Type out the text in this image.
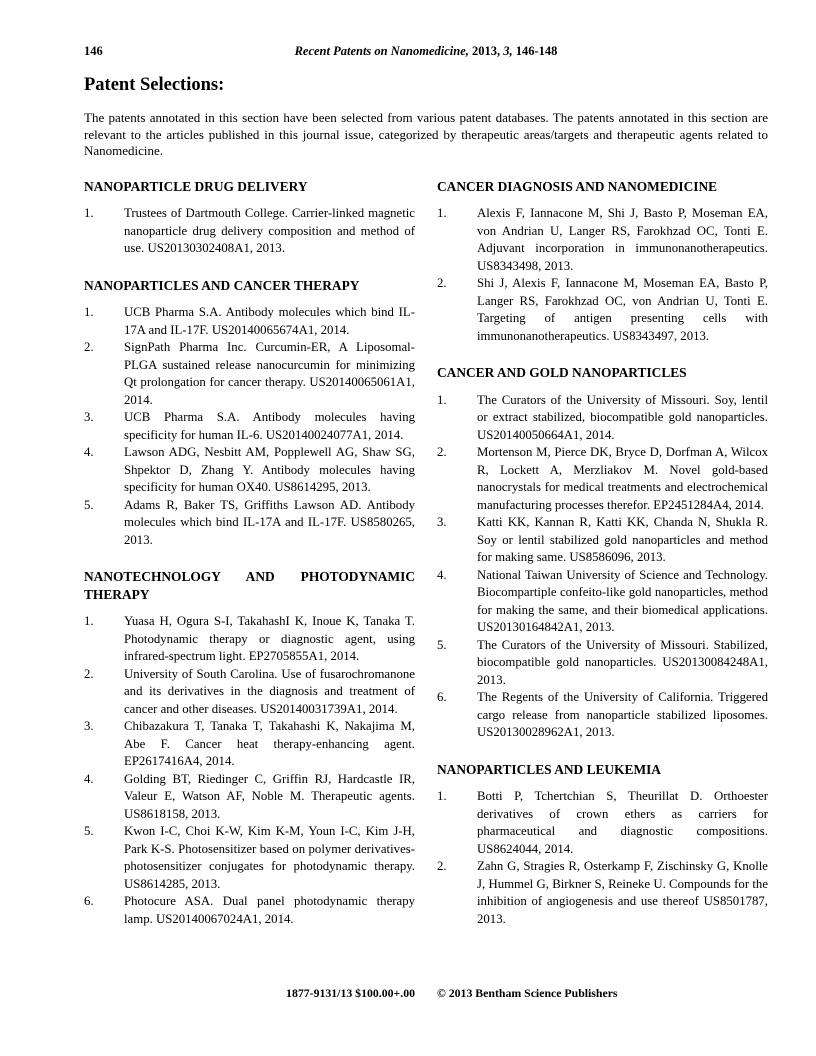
146	Recent Patents on Nanomedicine, 2013, 3, 146-148
Patent Selections:

The patents annotated in this section have been selected from various patent databases. The patents annotated in this section are relevant to the articles published in this journal issue, categorized by therapeutic areas/targets and therapeutic agents related to Nanomedicine.

NANOPARTICLE DRUG DELIVERY
1.	Trustees of Dartmouth College. Carrier-linked magnetic nanoparticle drug delivery composition and method of use. US20130302408A1, 2013.
NANOPARTICLES AND CANCER THERAPY
1.	UCB Pharma S.A. Antibody molecules which bind IL-17A and IL-17F. US20140065674A1, 2014.
2.	SignPath Pharma Inc. Curcumin-ER, A Liposomal-PLGA sustained release nanocurcumin for minimizing Qt prolongation for cancer therapy. US20140065061A1, 2014.
3.	UCB Pharma S.A. Antibody molecules having specificity for human IL-6. US20140024077A1, 2014.
4.	Lawson ADG, Nesbitt AM, Popplewell AG, Shaw SG, Shpektor D, Zhang Y. Antibody molecules having specificity for human OX40. US8614295, 2013.
5.	Adams R, Baker TS, Griffiths Lawson AD. Antibody molecules which bind IL-17A and IL-17F. US8580265, 2013.
NANOTECHNOLOGY AND PHOTODYNAMIC THERAPY
1.	Yuasa H, Ogura S-I, TakahashI K, Inoue K, Tanaka T. Photodynamic therapy or diagnostic agent, using infrared-spectrum light. EP2705855A1, 2014.
2.	University of South Carolina. Use of fusarochromanone and its derivatives in the diagnosis and treatment of cancer and other diseases. US20140031739A1, 2014.
3.	Chibazakura T, Tanaka T, Takahashi K, Nakajima M, Abe F. Cancer heat therapy-enhancing agent. EP2617416A4, 2014.
4.	Golding BT, Riedinger C, Griffin RJ, Hardcastle IR, Valeur E, Watson AF, Noble M. Therapeutic agents. US8618158, 2013.
5.	Kwon I-C, Choi K-W, Kim K-M, Youn I-C, Kim J-H, Park K-S. Photosensitizer based on polymer derivatives-photosensitizer conjugates for photodynamic therapy. US8614285, 2013.
6.	Photocure ASA. Dual panel photodynamic therapy lamp. US20140067024A1, 2014.
CANCER DIAGNOSIS AND NANOMEDICINE
1.	Alexis F, Iannacone M, Shi J, Basto P, Moseman EA, von Andrian U, Langer RS, Farokhzad OC, Tonti E. Adjuvant incorporation in immunonanotherapeutics. US8343498, 2013.
2.	Shi J, Alexis F, Iannacone M, Moseman EA, Basto P, Langer RS, Farokhzad OC, von Andrian U, Tonti E. Targeting of antigen presenting cells with immunonanotherapeutics. US8343497, 2013.
CANCER AND GOLD NANOPARTICLES
1.	The Curators of the University of Missouri. Soy, lentil or extract stabilized, biocompatible gold nanoparticles. US20140050664A1, 2014.
2.	Mortenson M, Pierce DK, Bryce D, Dorfman A, Wilcox R, Lockett A, Merzliakov M. Novel gold-based nanocrystals for medical treatments and electrochemical manufacturing processes therefor. EP2451284A4, 2014.
3.	Katti KK, Kannan R, Katti KK, Chanda N, Shukla R. Soy or lentil stabilized gold nanoparticles and method for making same. US8586096, 2013.
4.	National Taiwan University of Science and Technology. Biocompartiple confeito-like gold nanoparticles, method for making the same, and their biomedical applications. US20130164842A1, 2013.
5.	The Curators of the University of Missouri. Stabilized, biocompatible gold nanoparticles. US20130084248A1, 2013.
6.	The Regents of the University of California. Triggered cargo release from nanoparticle stabilized liposomes. US20130028962A1, 2013.
NANOPARTICLES AND LEUKEMIA
1.	Botti P, Tchertchian S, Theurillat D. Orthoester derivatives of crown ethers as carriers for pharmaceutical and diagnostic compositions. US8624044, 2014.
2.	Zahn G, Stragies R, Osterkamp F, Zischinsky G, Knolle J, Hummel G, Birkner S, Reineke U. Compounds for the inhibition of angiogenesis and use thereof US8501787, 2013.
1877-9131/13 $100.00+.00 © 2013 Bentham Science Publishers
